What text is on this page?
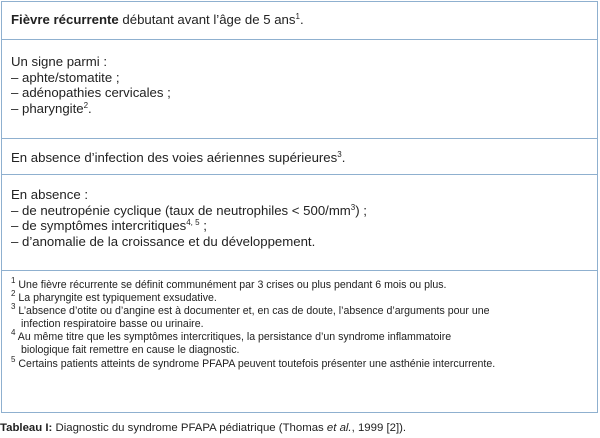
Fièvre récurrente débutant avant l’âge de 5 ans$^1$.
Un signe parmi :
– aphte/stomatite ;
– adénopathies cervicales ;
– pharyngite$^2$.
En absence d’infection des voies aériennes supérieures$^3$.
En absence :
– de neutropénie cyclique (taux de neutrophiles < $500/mm^3$) ;
– de symptômes intercritiques$^{4, 5}$ ;
– d’anomalie de la croissance et du développement.
$^1$ Une fièvre récurrente se définit communément par 3 crises ou plus pendant 6 mois ou plus.
$^2$ La pharyngite est typiquement exsudative.
$^3$ L’absence d’otite ou d’angine est à documenter et, en cas de doute, l’absence d’arguments pour une
infection respiratoire basse ou urinaire.
$^4$ Au même titre que les symptômes intercritiques, la persistance d’un syndrome inflammatoire
biologique fait remettre en cause le diagnostic.
$^5$ Certains patients atteints de syndrome PFAPA peuvent toutefois présenter une asthénie intercurrente.
Tableau I: Diagnostic du syndrome PFAPA pédiatrique (Thomas et al., 1999 [2]).
